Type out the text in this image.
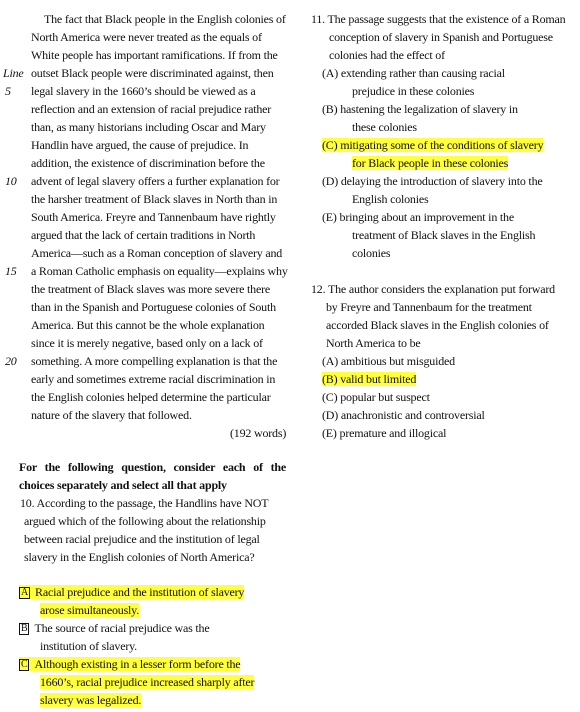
The fact that Black people in the English colonies of
North America were never treated as the equals of
White people has important ramifications. If from the
outset Black people were discriminated against, then
legal slavery in the 1660’s should be viewed as a
reflection and an extension of racial prejudice rather
than, as many historians including Oscar and Mary
Handlin have argued, the cause of prejudice. In
addition, the existence of discrimination before the
advent of legal slavery offers a further explanation for
the harsher treatment of Black slaves in North than in
South America. Freyre and Tannenbaum have rightly
argued that the lack of certain traditions in North
America—such as a Roman conception of slavery and
a Roman Catholic emphasis on equality—explains why
the treatment of Black slaves was more severe there
than in the Spanish and Portuguese colonies of South
America. But this cannot be the whole explanation
since it is merely negative, based only on a lack of
something. A more compelling explanation is that the
early and sometimes extreme racial discrimination in
the English colonies helped determine the particular
nature of the slavery that followed.
Line
5
10
15
20
(192 words)
For the following question, consider each of the
choices separately and select all that apply
10. According to the passage, the Handlins have NOT
argued which of the following about the relationship
between racial prejudice and the institution of legal
slavery in the English colonies of North America?
A Racial prejudice and the institution of slavery
arose simultaneously.
B The source of racial prejudice was the
institution of slavery.
C Although existing in a lesser form before the
1660’s, racial prejudice increased sharply after
slavery was legalized.
11. The passage suggests that the existence of a Roman
conception of slavery in Spanish and Portuguese
colonies had the effect of
(A) extending rather than causing racial
prejudice in these colonies
(B) hastening the legalization of slavery in
these colonies
(C) mitigating some of the conditions of slavery
for Black people in these colonies
(D) delaying the introduction of slavery into the
English colonies
(E) bringing about an improvement in the
treatment of Black slaves in the English
colonies
12. The author considers the explanation put forward
by Freyre and Tannenbaum for the treatment
accorded Black slaves in the English colonies of
North America to be
(A) ambitious but misguided
(B) valid but limited
(C) popular but suspect
(D) anachronistic and controversial
(E) premature and illogical
